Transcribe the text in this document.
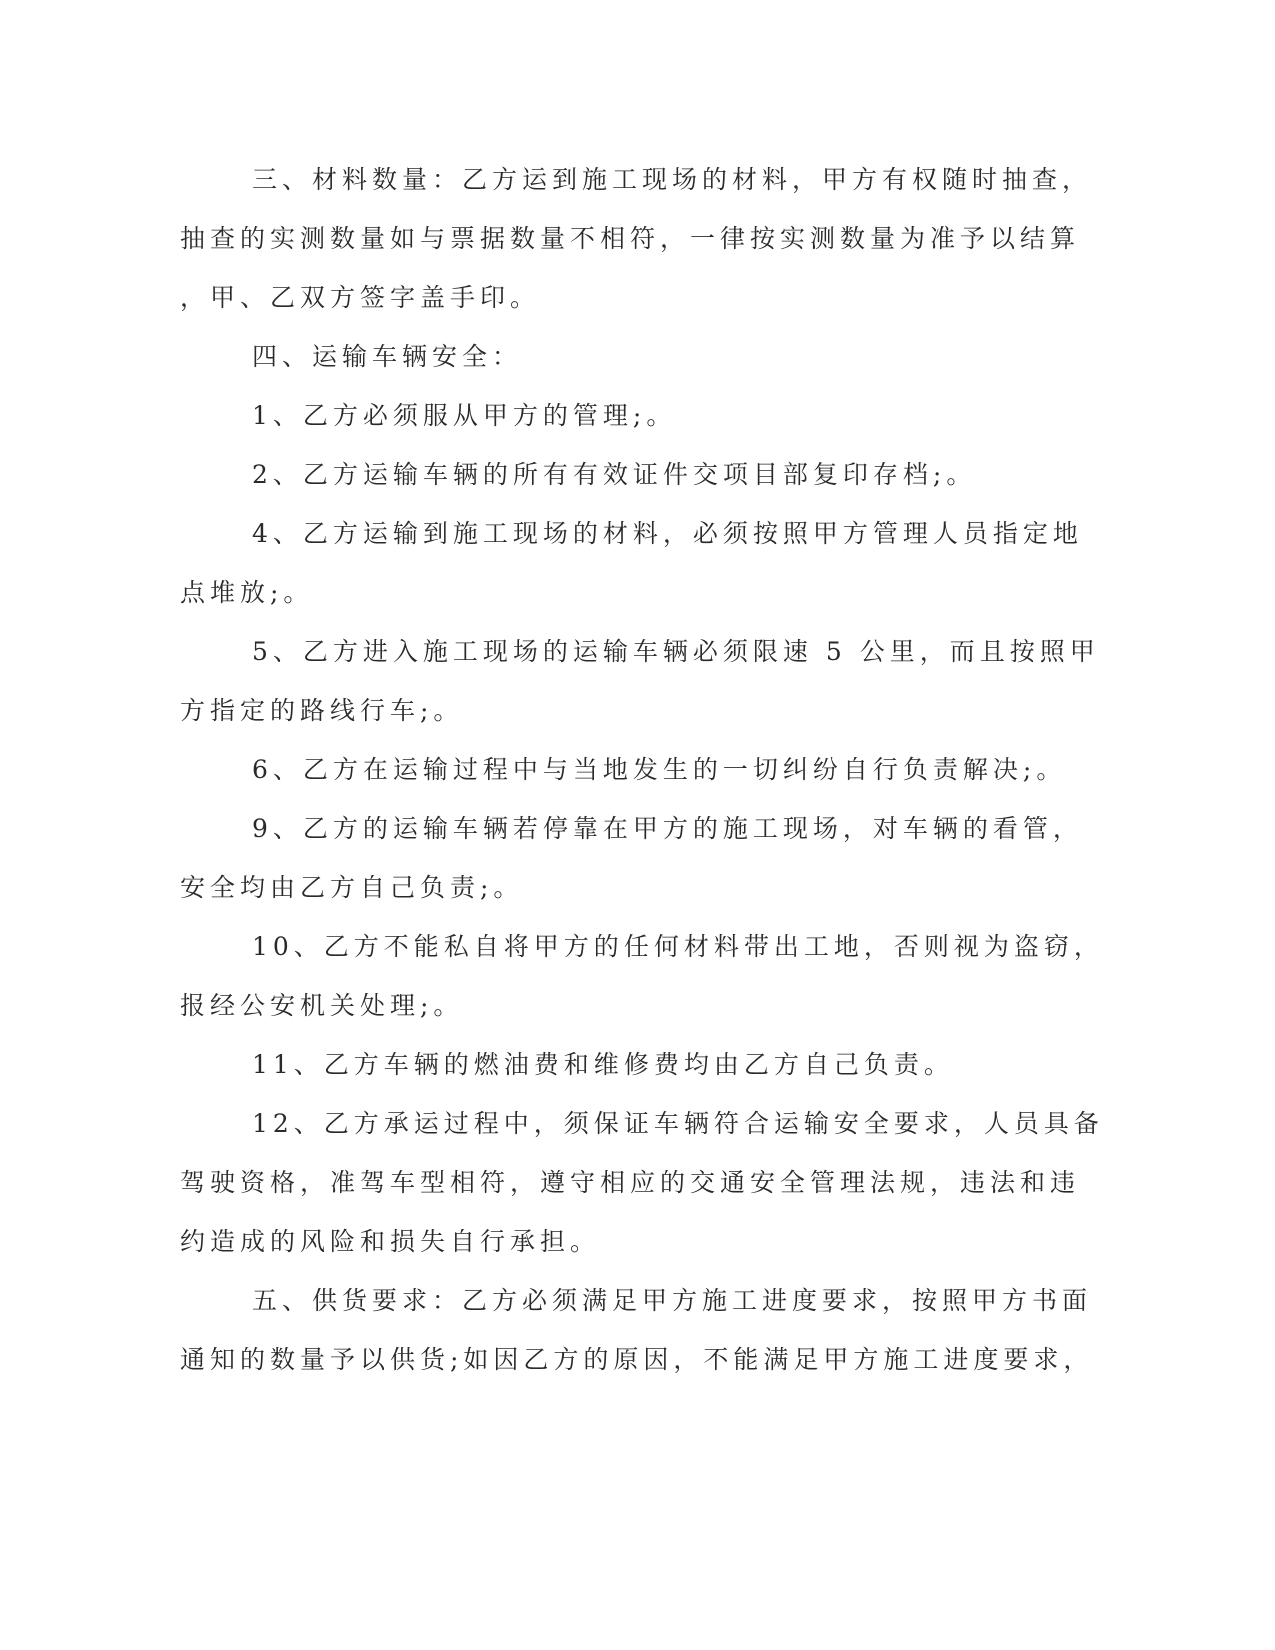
三、材料数量：乙方运到施工现场的材料，甲方有权随时抽查，

抽查的实测数量如与票据数量不相符，一律按实测数量为准予以结算

，甲、乙双方签字盖手印。

四、运输车辆安全：

1、乙方必须服从甲方的管理;。

2、乙方运输车辆的所有有效证件交项目部复印存档;。

4、乙方运输到施工现场的材料，必须按照甲方管理人员指定地

点堆放;。

5、乙方进入施工现场的运输车辆必须限速 5 公里，而且按照甲

方指定的路线行车;。

6、乙方在运输过程中与当地发生的一切纠纷自行负责解决;。

9、乙方的运输车辆若停靠在甲方的施工现场，对车辆的看管，

安全均由乙方自己负责;。

10、乙方不能私自将甲方的任何材料带出工地，否则视为盗窃，

报经公安机关处理;。

11、乙方车辆的燃油费和维修费均由乙方自己负责。

12、乙方承运过程中，须保证车辆符合运输安全要求，人员具备

驾驶资格，准驾车型相符，遵守相应的交通安全管理法规，违法和违

约造成的风险和损失自行承担。

五、供货要求：乙方必须满足甲方施工进度要求，按照甲方书面

通知的数量予以供货;如因乙方的原因，不能满足甲方施工进度要求，
